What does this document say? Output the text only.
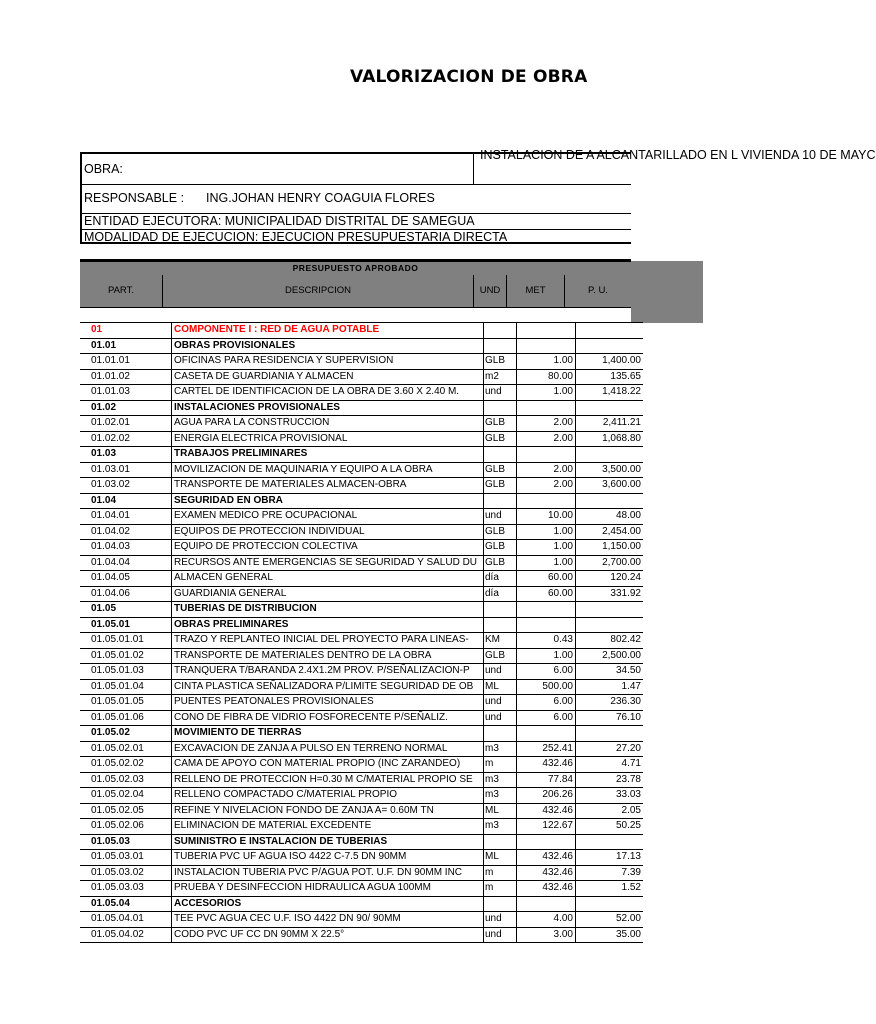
VALORIZACION DE OBRA
OBRA:
INSTALACION DE A ALCANTARILLADO EN L VIVIENDA 10 DE MAYC
RESPONSABLE : ING.JOHAN HENRY COAGUIA FLORES
ENTIDAD EJECUTORA: MUNICIPALIDAD DISTRITAL DE SAMEGUA
MODALIDAD DE EJECUCION: EJECUCION PRESUPUESTARIA DIRECTA
PRESUPUESTO APROBADO
PART.	DESCRIPCION	UND	MET	P. U.
01	COMPONENTE I : RED DE AGUA POTABLE			
01.01	OBRAS PROVISIONALES			
01.01.01	OFICINAS PARA RESIDENCIA Y SUPERVISION	GLB	1.00	1,400.00
01.01.02	CASETA DE GUARDIANIA Y ALMACEN	m2	80.00	135.65
01.01.03	CARTEL DE IDENTIFICACION DE LA OBRA DE 3.60 X 2.40 M.	und	1.00	1,418.22
01.02	INSTALACIONES PROVISIONALES			
01.02.01	AGUA PARA LA CONSTRUCCION	GLB	2.00	2,411.21
01.02.02	ENERGIA ELECTRICA PROVISIONAL	GLB	2.00	1,068.80
01.03	TRABAJOS PRELIMINARES			
01.03.01	MOVILIZACION DE MAQUINARIA Y EQUIPO A LA OBRA	GLB	2.00	3,500.00
01.03.02	TRANSPORTE DE MATERIALES ALMACEN-OBRA	GLB	2.00	3,600.00
01.04	SEGURIDAD EN OBRA			
01.04.01	EXAMEN MEDICO PRE OCUPACIONAL	und	10.00	48.00
01.04.02	EQUIPOS DE PROTECCION INDIVIDUAL	GLB	1.00	2,454.00
01.04.03	EQUIPO DE PROTECCION COLECTIVA	GLB	1.00	1,150.00
01.04.04	RECURSOS ANTE EMERGENCIAS SE SEGURIDAD Y SALUD DU	GLB	1.00	2,700.00
01.04.05	ALMACEN GENERAL	día	60.00	120.24
01.04.06	GUARDIANIA GENERAL	día	60.00	331.92
01.05	TUBERIAS DE DISTRIBUCION			
01.05.01	OBRAS PRELIMINARES			
01.05.01.01	TRAZO Y REPLANTEO INICIAL DEL PROYECTO PARA LINEAS-	KM	0.43	802.42
01.05.01.02	TRANSPORTE DE MATERIALES DENTRO DE LA OBRA	GLB	1.00	2,500.00
01.05.01.03	TRANQUERA T/BARANDA 2.4X1.2M PROV. P/SEÑALIZACION-P	und	6.00	34.50
01.05.01.04	CINTA PLASTICA SEÑALIZADORA P/LIMITE SEGURIDAD DE OB	ML	500.00	1.47
01.05.01.05	PUENTES PEATONALES PROVISIONALES	und	6.00	236.30
01.05.01.06	CONO DE FIBRA DE VIDRIO FOSFORECENTE P/SEÑALIZ.	und	6.00	76.10
01.05.02	MOVIMIENTO DE TIERRAS			
01.05.02.01	EXCAVACION DE ZANJA A PULSO EN TERRENO NORMAL	m3	252.41	27.20
01.05.02.02	CAMA DE APOYO CON MATERIAL PROPIO (INC ZARANDEO)	m	432.46	4.71
01.05.02.03	RELLENO DE PROTECCION H=0.30 M C/MATERIAL PROPIO SE	m3	77.84	23.78
01.05.02.04	RELLENO COMPACTADO C/MATERIAL PROPIO	m3	206.26	33.03
01.05.02.05	REFINE Y NIVELACION FONDO DE ZANJA A= 0.60M TN	ML	432.46	2.05
01.05.02.06	ELIMINACION DE MATERIAL EXCEDENTE	m3	122.67	50.25
01.05.03	SUMINISTRO E INSTALACION DE TUBERIAS			
01.05.03.01	TUBERIA PVC UF AGUA ISO 4422 C-7.5 DN 90MM	ML	432.46	17.13
01.05.03.02	INSTALACION TUBERIA PVC P/AGUA POT. U.F. DN 90MM INC	m	432.46	7.39
01.05.03.03	PRUEBA Y DESINFECCION HIDRAULICA AGUA 100MM	m	432.46	1.52
01.05.04	ACCESORIOS			
01.05.04.01	TEE PVC AGUA CEC U.F. ISO 4422 DN 90/ 90MM	und	4.00	52.00
01.05.04.02	CODO PVC UF CC DN 90MM X 22.5°	und	3.00	35.00
